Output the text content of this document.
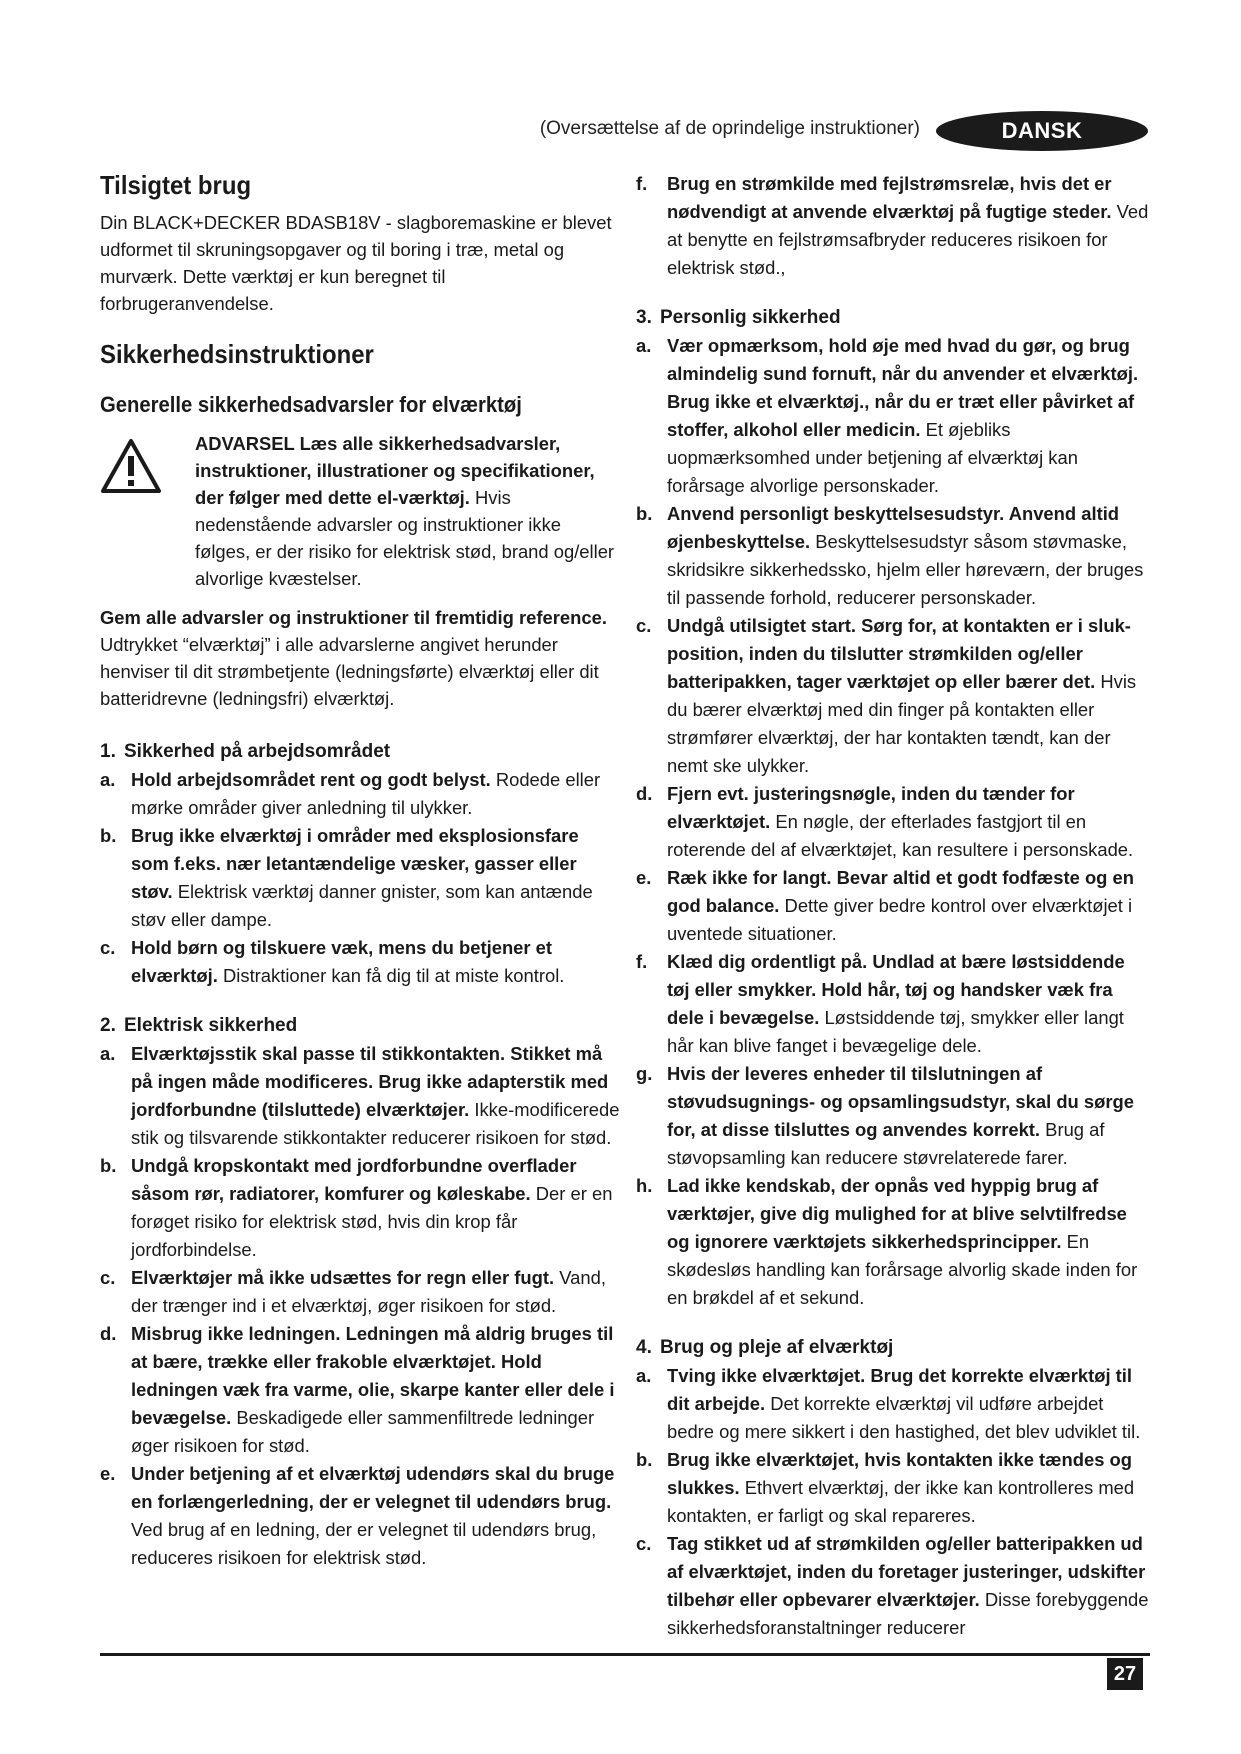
(Oversættelse af de oprindelige instruktioner)	DANSK
Tilsigtet brug

Din BLACK+DECKER BDASB18V - slagboremaskine er blevet udformet til skruningsopgaver og til boring i træ, metal og murværk. Dette værktøj er kun beregnet til forbrugeranvendelse.

Sikkerhedsinstruktioner
Generelle sikkerhedsadvarsler for elværktøj

ADVARSEL Læs alle sikkerhedsadvarsler, instruktioner, illustrationer og specifikationer, der følger med dette el-værktøj. Hvis nedenstående advarsler og instruktioner ikke følges, er der risiko for elektrisk stød, brand og/eller alvorlige kvæstelser.

Gem alle advarsler og instruktioner til fremtidig reference. Udtrykket “elværktøj” i alle advarslerne angivet herunder henviser til dit strømbetjente (ledningsførte) elværktøj eller dit batteridrevne (ledningsfri) elværktøj.

1. Sikkerhed på arbejdsområdet

a. Hold arbejdsområdet rent og godt belyst. Rodede eller mørke områder giver anledning til ulykker.
b. Brug ikke elværktøj i områder med eksplosionsfare som f.eks. nær letantændelige væsker, gasser eller støv. Elektrisk værktøj danner gnister, som kan antænde støv eller dampe.
c. Hold børn og tilskuere væk, mens du betjener et elværktøj. Distraktioner kan få dig til at miste kontrol.

2. Elektrisk sikkerhed

a. Elværktøjsstik skal passe til stikkontakten. Stikket må på ingen måde modificeres. Brug ikke adapterstik med jordforbundne (tilsluttede) elværktøjer. Ikke-modificerede stik og tilsvarende stikkontakter reducerer risikoen for stød.
b. Undgå kropskontakt med jordforbundne overflader såsom rør, radiatorer, komfurer og køleskabe. Der er en forøget risiko for elektrisk stød, hvis din krop får jordforbindelse.
c. Elværktøjer må ikke udsættes for regn eller fugt. Vand, der trænger ind i et elværktøj, øger risikoen for stød.
d. Misbrug ikke ledningen. Ledningen må aldrig bruges til at bære, trække eller frakoble elværktøjet. Hold ledningen væk fra varme, olie, skarpe kanter eller dele i bevægelse. Beskadigede eller sammenfiltrede ledninger øger risikoen for stød.
e. Under betjening af et elværktøj udendørs skal du bruge en forlængerledning, der er velegnet til udendørs brug. Ved brug af en ledning, der er velegnet til udendørs brug, reduceres risikoen for elektrisk stød.
f. Brug en strømkilde med fejlstrømsrelæ, hvis det er nødvendigt at anvende elværktøj på fugtige steder. Ved at benytte en fejlstrømsafbryder reduceres risikoen for elektrisk stød.,

3. Personlig sikkerhed

a. Vær opmærksom, hold øje med hvad du gør, og brug almindelig sund fornuft, når du anvender et elværktøj. Brug ikke et elværktøj., når du er træt eller påvirket af stoffer, alkohol eller medicin. Et øjebliks uopmærksomhed under betjening af elværktøj kan forårsage alvorlige personskader.
b. Anvend personligt beskyttelsesudstyr. Anvend altid øjenbeskyttelse. Beskyttelsesudstyr såsom støvmaske, skridsikre sikkerhedssko, hjelm eller høreværn, der bruges til passende forhold, reducerer personskader.
c. Undgå utilsigtet start. Sørg for, at kontakten er i sluk-position, inden du tilslutter strømkilden og/eller batteripakken, tager værktøjet op eller bærer det. Hvis du bærer elværktøj med din finger på kontakten eller strømfører elværktøj, der har kontakten tændt, kan der nemt ske ulykker.
d. Fjern evt. justeringsnøgle, inden du tænder for elværktøjet. En nøgle, der efterlades fastgjort til en roterende del af elværktøjet, kan resultere i personskade.
e. Ræk ikke for langt. Bevar altid et godt fodfæste og en god balance. Dette giver bedre kontrol over elværktøjet i uventede situationer.
f. Klæd dig ordentligt på. Undlad at bære løstsiddende tøj eller smykker. Hold hår, tøj og handsker væk fra dele i bevægelse. Løstsiddende tøj, smykker eller langt hår kan blive fanget i bevægelige dele.
g. Hvis der leveres enheder til tilslutningen af støvudsugnings- og opsamlingsudstyr, skal du sørge for, at disse tilsluttes og anvendes korrekt. Brug af støvopsamling kan reducere støvrelaterede farer.
h. Lad ikke kendskab, der opnås ved hyppig brug af værktøjer, give dig mulighed for at blive selvtilfredse og ignorere værktøjets sikkerhedsprincipper. En skødesløs handling kan forårsage alvorlig skade inden for en brøkdel af et sekund.

4. Brug og pleje af elværktøj

a. Tving ikke elværktøjet. Brug det korrekte elværktøj til dit arbejde. Det korrekte elværktøj vil udføre arbejdet bedre og mere sikkert i den hastighed, det blev udviklet til.
b. Brug ikke elværktøjet, hvis kontakten ikke tændes og slukkes. Ethvert elværktøj, der ikke kan kontrolleres med kontakten, er farligt og skal repareres.
c. Tag stikket ud af strømkilden og/eller batteripakken ud af elværktøjet, inden du foretager justeringer, udskifter tilbehør eller opbevarer elværktøjer. Disse forebyggende sikkerhedsforanstaltninger reducerer
27
